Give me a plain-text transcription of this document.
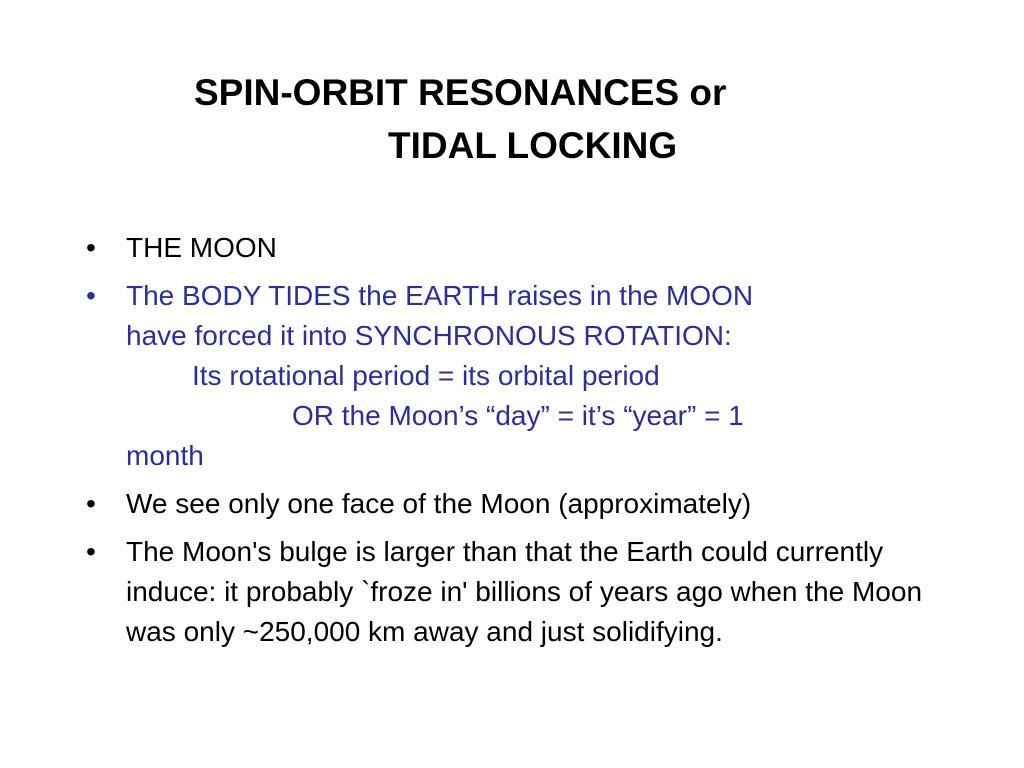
SPIN-ORBIT RESONANCES or
TIDAL LOCKING
• THE MOON
• The BODY TIDES the EARTH raises in the MOON
have forced it into SYNCHRONOUS ROTATION:
Its rotational period = its orbital period
OR the Moon’s “day” = it’s “year” = 1
month
• We see only one face of the Moon (approximately)
• The Moon's bulge is larger than that the Earth could currently induce: it probably `froze in' billions of years ago when the Moon was only ~250,000 km away and just solidifying.
